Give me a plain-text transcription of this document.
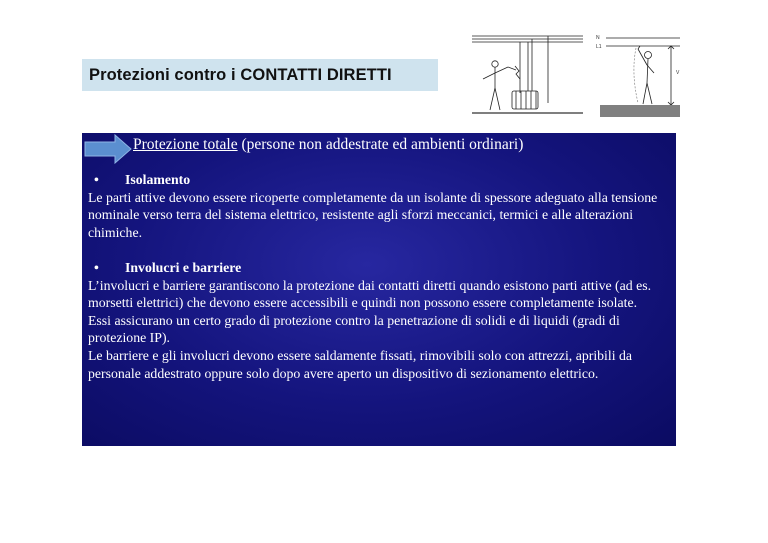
Protezioni contro i CONTATTI DIRETTI
N
L1
V
Protezione totale (persone non addestrate ed ambienti ordinari)
•	Isolamento

Le parti attive devono essere ricoperte completamente da un isolante di spessore adeguato alla tensione nominale verso terra del sistema elettrico, resistente agli sforzi meccanici, termici e alle alterazioni chimiche.

•	Involucri e barriere

L’involucri e barriere garantiscono la protezione dai contatti diretti quando esistono parti attive (ad es. morsetti elettrici) che devono essere accessibili e quindi non possono essere completamente isolate.

Essi assicurano un certo grado di protezione contro la penetrazione di solidi e di liquidi (gradi di protezione IP).

Le barriere e gli involucri devono essere saldamente fissati, rimovibili solo con attrezzi, apribili da personale addestrato oppure solo dopo avere aperto un dispositivo di sezionamento elettrico.
